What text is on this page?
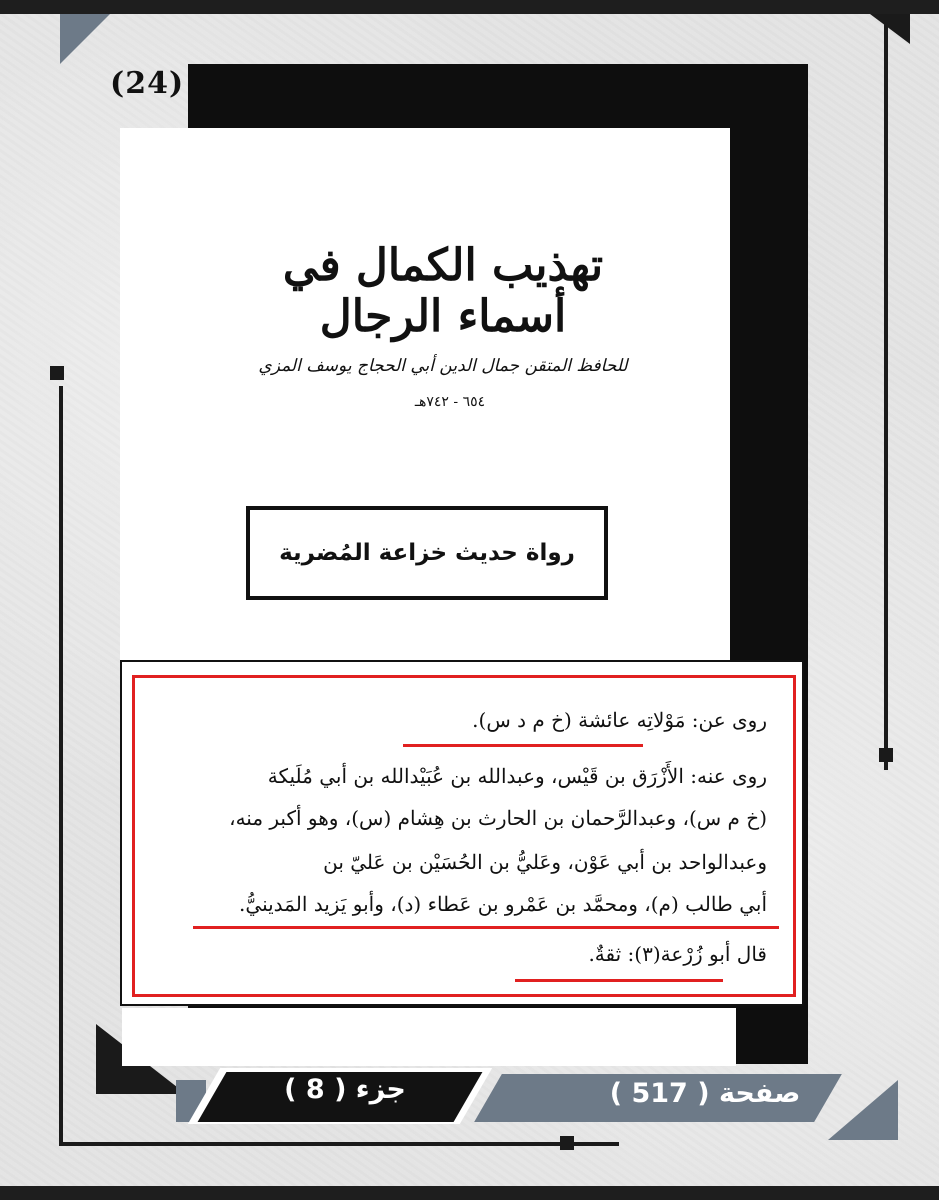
(24)
تهذيب الكمال في أسماء الرجال
للحافظ المتقن جمال الدين أبي الحجاج يوسف المزي
٦٥٤ - ٧٤٢هـ
رواة حديث خزاعة المُضرية
روى عن: مَوْلاتِه عائشة (خ م د س).
روى عنه: الأَزْرَق بن قَيْس، وعبدالله بن عُبَيْدالله بن أبي مُلَيكة
(خ م س)، وعبدالرَّحمان بن الحارث بن هِشام (س)، وهو أكبر منه،
وعبدالواحد بن أبي عَوْن، وعَليُّ بن الحُسَيْن بن عَليّ بن
أبي طالب (م)، ومحمَّد بن عَمْرو بن عَطاء (د)، وأبو يَزيد المَدينيُّ.
قال أبو زُرْعة(٣): ثقةٌ.
صفحة ( 517 )
جزء ( 8 )
